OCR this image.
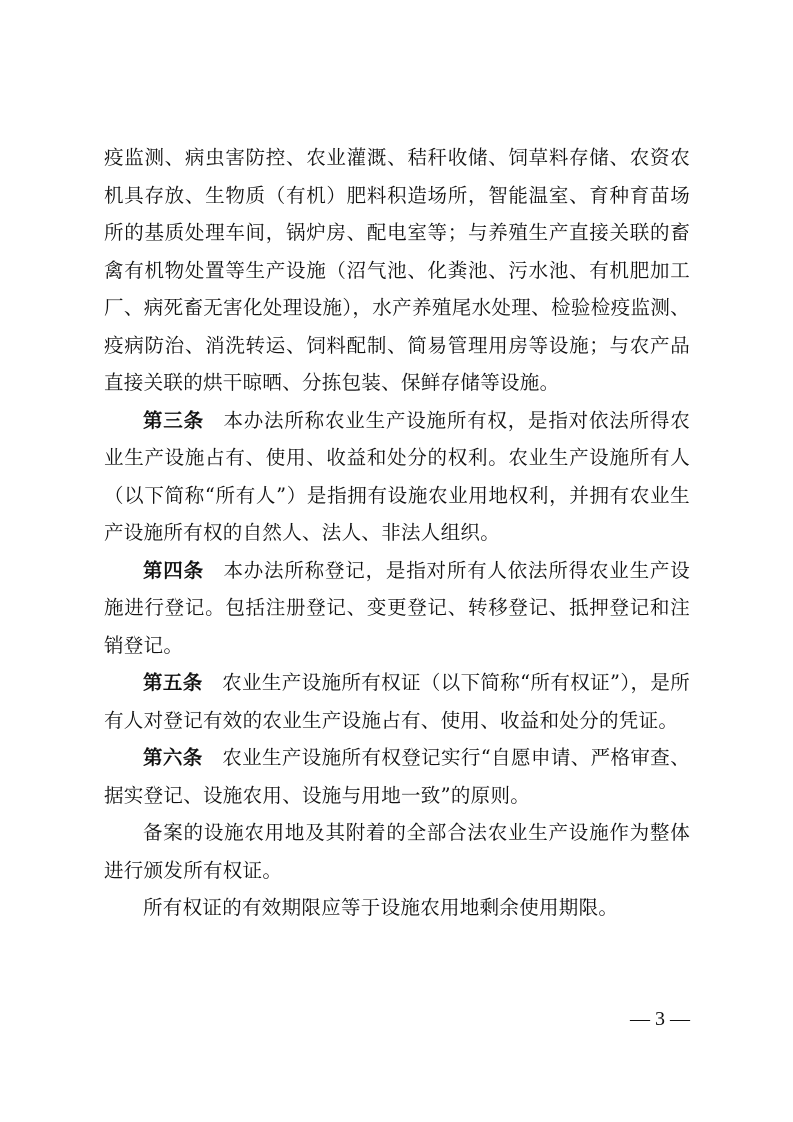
疫监测、病虫害防控、农业灌溉、秸秆收储、饲草料存储、农资农机具存放、生物质（有机）肥料积造场所，智能温室、育种育苗场所的基质处理车间，锅炉房、配电室等；与养殖生产直接关联的畜禽有机物处置等生产设施（沼气池、化粪池、污水池、有机肥加工厂、病死畜无害化处理设施），水产养殖尾水处理、检验检疫监测、疫病防治、消洗转运、饲料配制、简易管理用房等设施；与农产品直接关联的烘干晾晒、分拣包装、保鲜存储等设施。

第三条 本办法所称农业生产设施所有权，是指对依法所得农业生产设施占有、使用、收益和处分的权利。农业生产设施所有人（以下简称“所有人”）是指拥有设施农业用地权利，并拥有农业生产设施所有权的自然人、法人、非法人组织。

第四条 本办法所称登记，是指对所有人依法所得农业生产设施进行登记。包括注册登记、变更登记、转移登记、抵押登记和注销登记。

第五条 农业生产设施所有权证（以下简称“所有权证”），是所有人对登记有效的农业生产设施占有、使用、收益和处分的凭证。

第六条 农业生产设施所有权登记实行“自愿申请、严格审查、据实登记、设施农用、设施与用地一致”的原则。

备案的设施农用地及其附着的全部合法农业生产设施作为整体进行颁发所有权证。

所有权证的有效期限应等于设施农用地剩余使用期限。

— 3 —
